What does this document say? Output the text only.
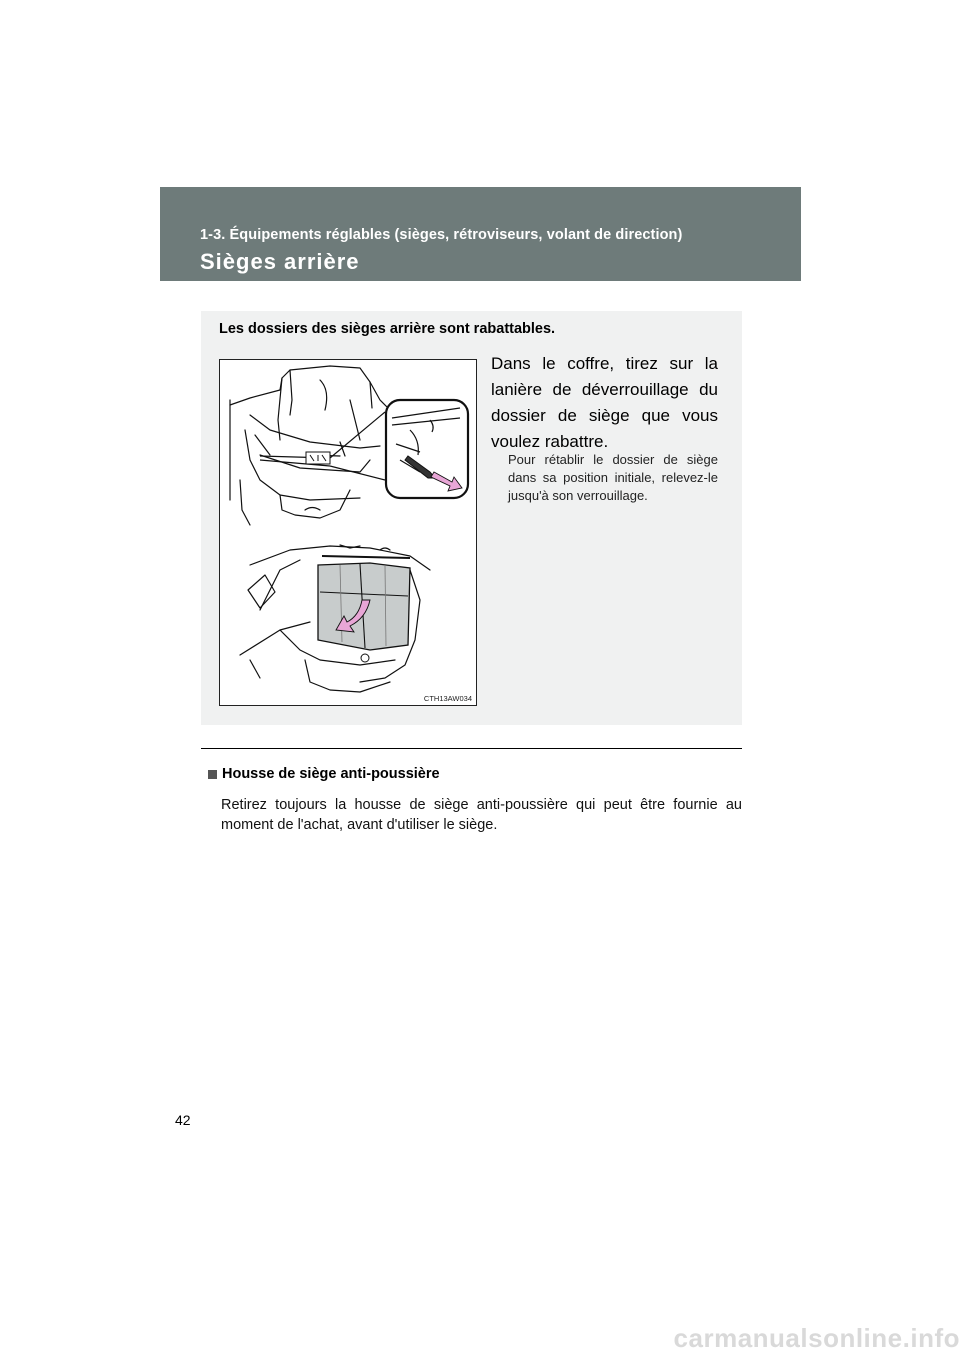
1-3. Équipements réglables (sièges, rétroviseurs, volant de direction)
Sièges arrière
Les dossiers des sièges arrière sont rabattables.
CTH13AW034
Dans le coffre, tirez sur la lanière de déverrouillage du dossier de siège que vous voulez rabattre.
Pour rétablir le dossier de siège dans sa position initiale, relevez-le jusqu'à son verrouillage.
Housse de siège anti-poussière
Retirez toujours la housse de siège anti-poussière qui peut être fournie au moment de l'achat, avant d'utiliser le siège.
42
carmanualsonline.info
